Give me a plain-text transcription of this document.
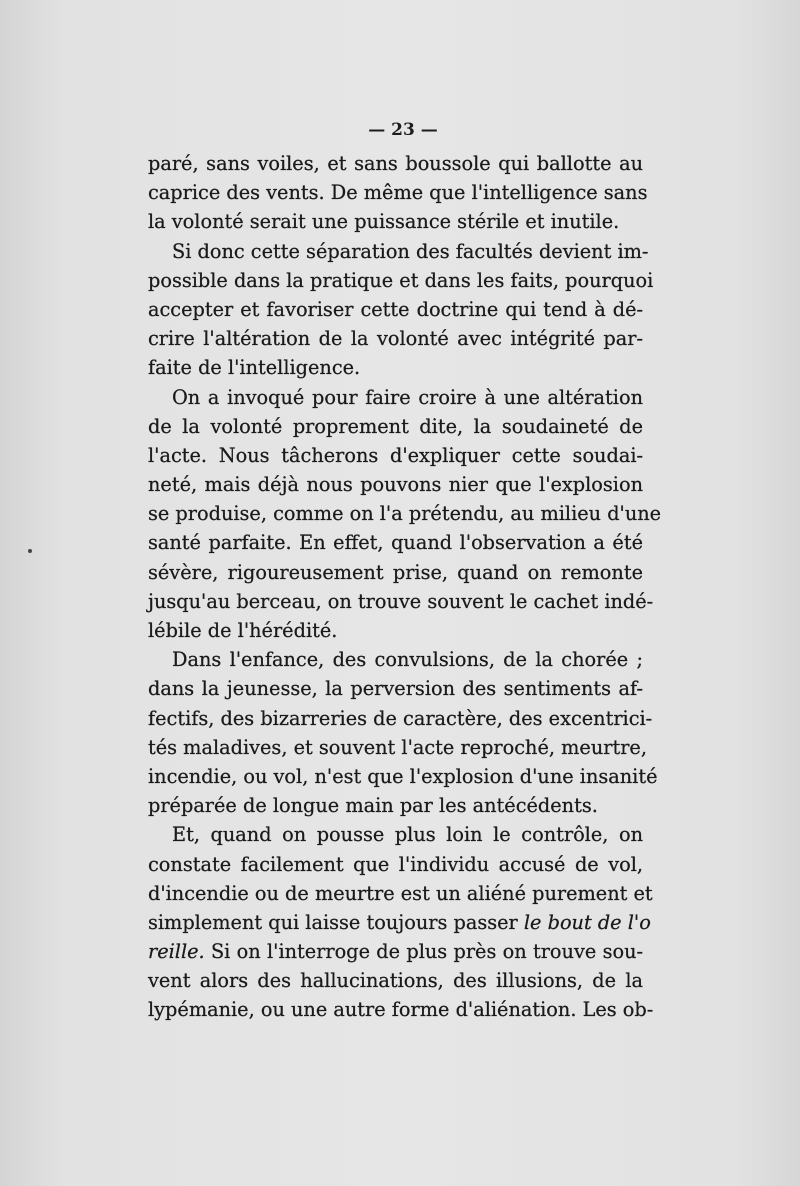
— 23 —
paré, sans voiles, et sans boussole qui ballotte au
caprice des vents. De même que l'intelligence sans
la volonté serait une puissance stérile et inutile.
Si donc cette séparation des facultés devient im-
possible dans la pratique et dans les faits, pourquoi
accepter et favoriser cette doctrine qui tend à dé-
crire l'altération de la volonté avec intégrité par-
faite de l'intelligence.
On a invoqué pour faire croire à une altération
de la volonté proprement dite, la soudaineté de
l'acte. Nous tâcherons d'expliquer cette soudai-
neté, mais déjà nous pouvons nier que l'explosion
se produise, comme on l'a prétendu, au milieu d'une
santé parfaite. En effet, quand l'observation a été
sévère, rigoureusement prise, quand on remonte
jusqu'au berceau, on trouve souvent le cachet indé-
lébile de l'hérédité.
Dans l'enfance, des convulsions, de la chorée ;
dans la jeunesse, la perversion des sentiments af-
fectifs, des bizarreries de caractère, des excentrici-
tés maladives, et souvent l'acte reproché, meurtre,
incendie, ou vol, n'est que l'explosion d'une insanité
préparée de longue main par les antécédents.
Et, quand on pousse plus loin le contrôle, on
constate facilement que l'individu accusé de vol,
d'incendie ou de meurtre est un aliéné purement et
simplement qui laisse toujours passer le bout de l'o
reille. Si on l'interroge de plus près on trouve sou-
vent alors des hallucinations, des illusions, de la
lypémanie, ou une autre forme d'aliénation. Les ob-
